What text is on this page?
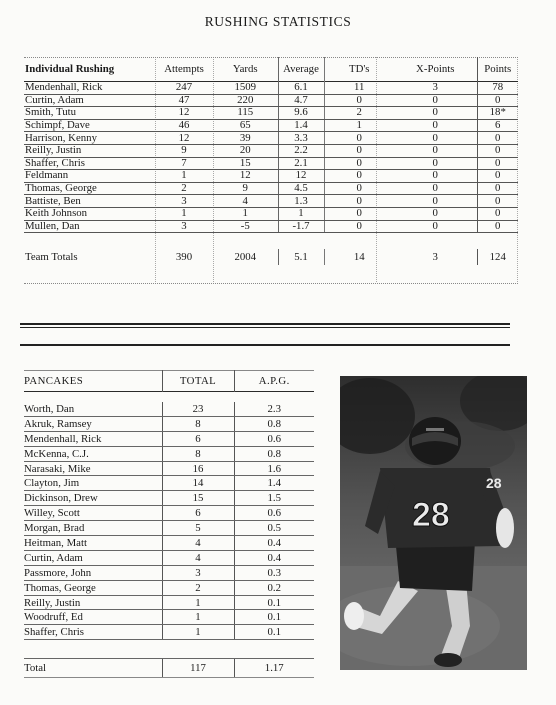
RUSHING STATISTICS
Individual Rushing	Attempts	Yards	Average	TD's	X-Points	Points
Mendenhall, Rick	247	1509	6.1	11	3	78
Curtin, Adam	47	220	4.7	0	0	0
Smith, Tutu	12	115	9.6	2	0	18*
Schimpf, Dave	46	65	1.4	1	0	6
Harrison, Kenny	12	39	3.3	0	0	0
Reilly, Justin	9	20	2.2	0	0	0
Shaffer, Chris	7	15	2.1	0	0	0
Feldmann	1	12	12	0	0	0
Thomas, George	2	9	4.5	0	0	0
Battiste, Ben	3	4	1.3	0	0	0
Keith Johnson	1	1	1	0	0	0
Mullen, Dan	3	-5	-1.7	0	0	0

Team Totals	390	2004	5.1	14	3	124
PANCAKES	TOTAL	A.P.G.

Worth, Dan	23	2.3
Akruk, Ramsey	8	0.8
Mendenhall, Rick	6	0.6
McKenna, C.J.	8	0.8
Narasaki, Mike	16	1.6
Clayton, Jim	14	1.4
Dickinson, Drew	15	1.5
Willey, Scott	6	0.6
Morgan, Brad	5	0.5
Heitman, Matt	4	0.4
Curtin, Adam	4	0.4
Passmore, John	3	0.3
Thomas, George	2	0.2
Reilly, Justin	1	0.1
Woodruff, Ed	1	0.1
Shaffer, Chris	1	0.1

Total	117	1.17
28
28
